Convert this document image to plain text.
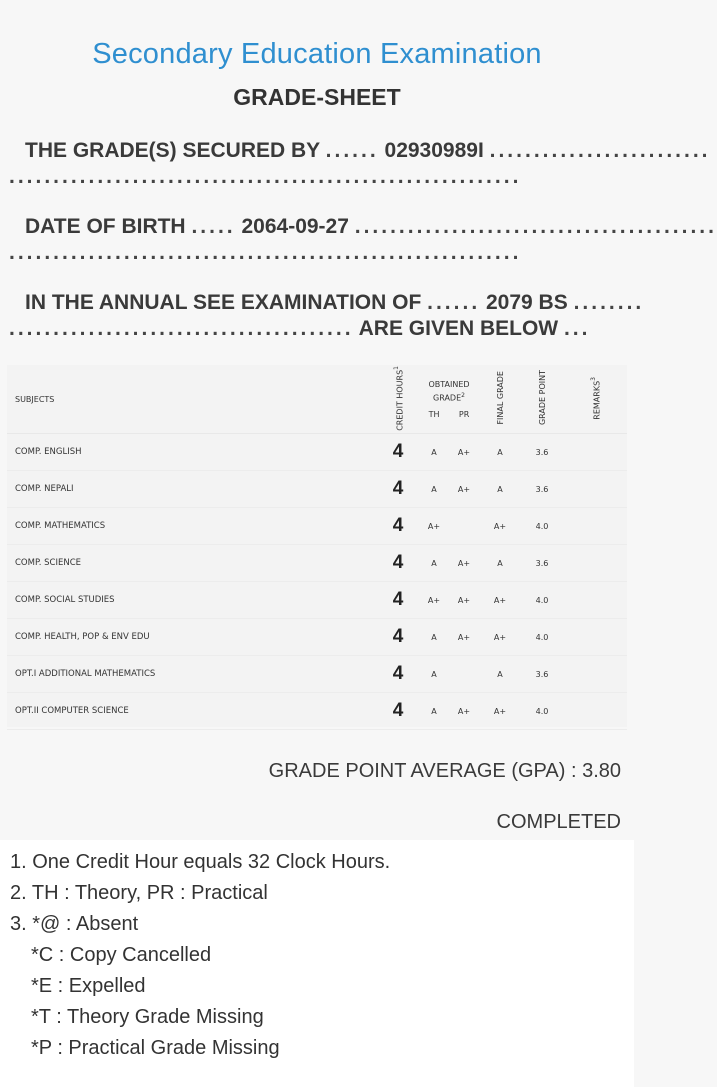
Secondary Education Examination
GRADE-SHEET
THE GRADE(S) SECURED BY ...... 02930989I .........................
..........................................................
DATE OF BIRTH ..... 2064-09-27 .........................................
..........................................................
IN THE ANNUAL SEE EXAMINATION OF ...... 2079 BS ........
....................................... ARE GIVEN BELOW ...
SUBJECTS	CREDIT HOURS$^1$	OBTAINED
GRADE$^2$
TH PR		FINAL GRADE	GRADE POINT	REMARKS$^3$
COMP. ENGLISH	4	A	A+	A	3.6	
COMP. NEPALI	4	A	A+	A	3.6	
COMP. MATHEMATICS	4	A+		A+	4.0	
COMP. SCIENCE	4	A	A+	A	3.6	
COMP. SOCIAL STUDIES	4	A+	A+	A+	4.0	
COMP. HEALTH, POP & ENV EDU	4	A	A+	A+	4.0	
OPT.I ADDITIONAL MATHEMATICS	4	A		A	3.6	
OPT.II COMPUTER SCIENCE	4	A	A+	A+	4.0	
GRADE POINT AVERAGE (GPA) : 3.80
COMPLETED
1. One Credit Hour equals 32 Clock Hours.
2. TH : Theory, PR : Practical
3. *@ : Absent
*C : Copy Cancelled
*E : Expelled
*T : Theory Grade Missing
*P : Practical Grade Missing
